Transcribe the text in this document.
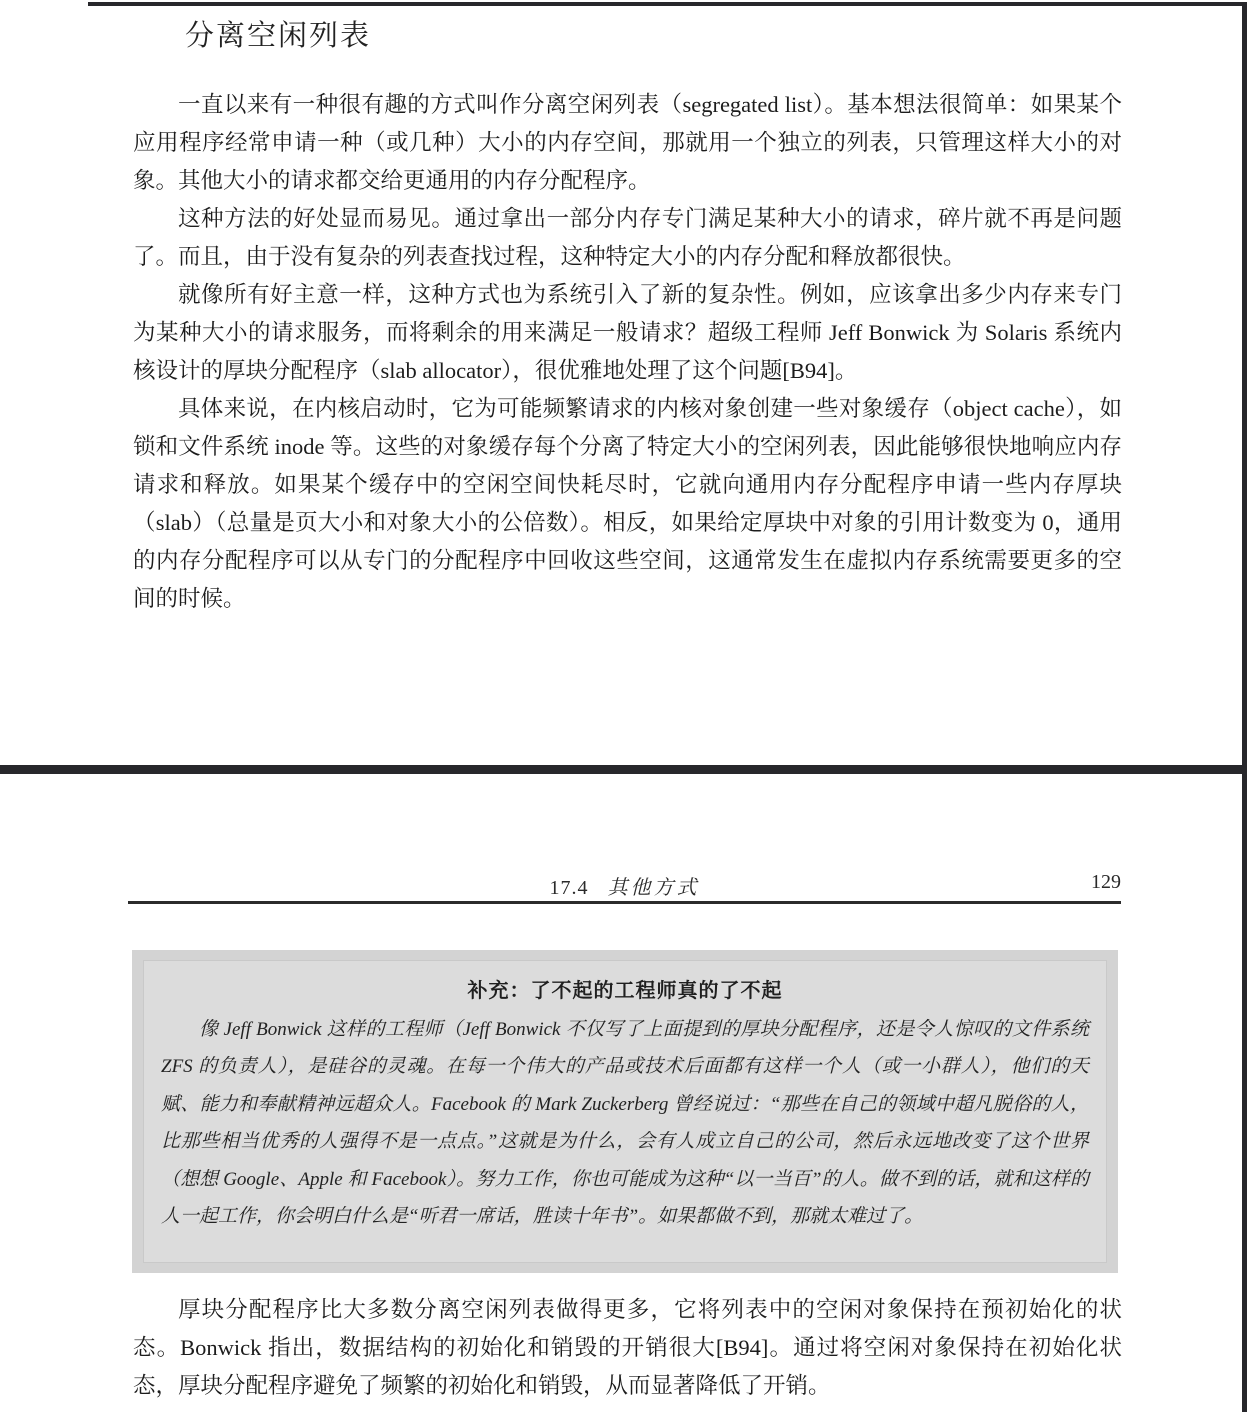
分离空闲列表

一直以来有一种很有趣的方式叫作分离空闲列表（segregated list）。基本想法很简单：如果某个应用程序经常申请一种（或几种）大小的内存空间，那就用一个独立的列表，只管理这样大小的对象。其他大小的请求都交给更通用的内存分配程序。

这种方法的好处显而易见。通过拿出一部分内存专门满足某种大小的请求，碎片就不再是问题了。而且，由于没有复杂的列表查找过程，这种特定大小的内存分配和释放都很快。

就像所有好主意一样，这种方式也为系统引入了新的复杂性。例如，应该拿出多少内存来专门为某种大小的请求服务，而将剩余的用来满足一般请求？超级工程师 Jeff Bonwick 为 Solaris 系统内核设计的厚块分配程序（slab allocator），很优雅地处理了这个问题[B94]。

具体来说，在内核启动时，它为可能频繁请求的内核对象创建一些对象缓存（object cache），如锁和文件系统 inode 等。这些的对象缓存每个分离了特定大小的空闲列表，因此能够很快地响应内存请求和释放。如果某个缓存中的空闲空间快耗尽时，它就向通用内存分配程序申请一些内存厚块（slab）（总量是页大小和对象大小的公倍数）。相反，如果给定厚块中对象的引用计数变为 0，通用的内存分配程序可以从专门的分配程序中回收这些空间，这通常发生在虚拟内存系统需要更多的空间的时候。

17.4 其他方式	129
补充：了不起的工程师真的了不起
像 Jeff Bonwick 这样的工程师（Jeff Bonwick 不仅写了上面提到的厚块分配程序，还是令人惊叹的文件系统 ZFS 的负责人），是硅谷的灵魂。在每一个伟大的产品或技术后面都有这样一个人（或一小群人），他们的天赋、能力和奉献精神远超众人。Facebook 的 Mark Zuckerberg 曾经说过：“那些在自己的领域中超凡脱俗的人，比那些相当优秀的人强得不是一点点。”这就是为什么，会有人成立自己的公司，然后永远地改变了这个世界（想想 Google、Apple 和 Facebook）。努力工作，你也可能成为这种“以一当百”的人。做不到的话，就和这样的人一起工作，你会明白什么是“听君一席话，胜读十年书”。如果都做不到，那就太难过了。

厚块分配程序比大多数分离空闲列表做得更多，它将列表中的空闲对象保持在预初始化的状态。Bonwick 指出，数据结构的初始化和销毁的开销很大[B94]。通过将空闲对象保持在初始化状态，厚块分配程序避免了频繁的初始化和销毁，从而显著降低了开销。
